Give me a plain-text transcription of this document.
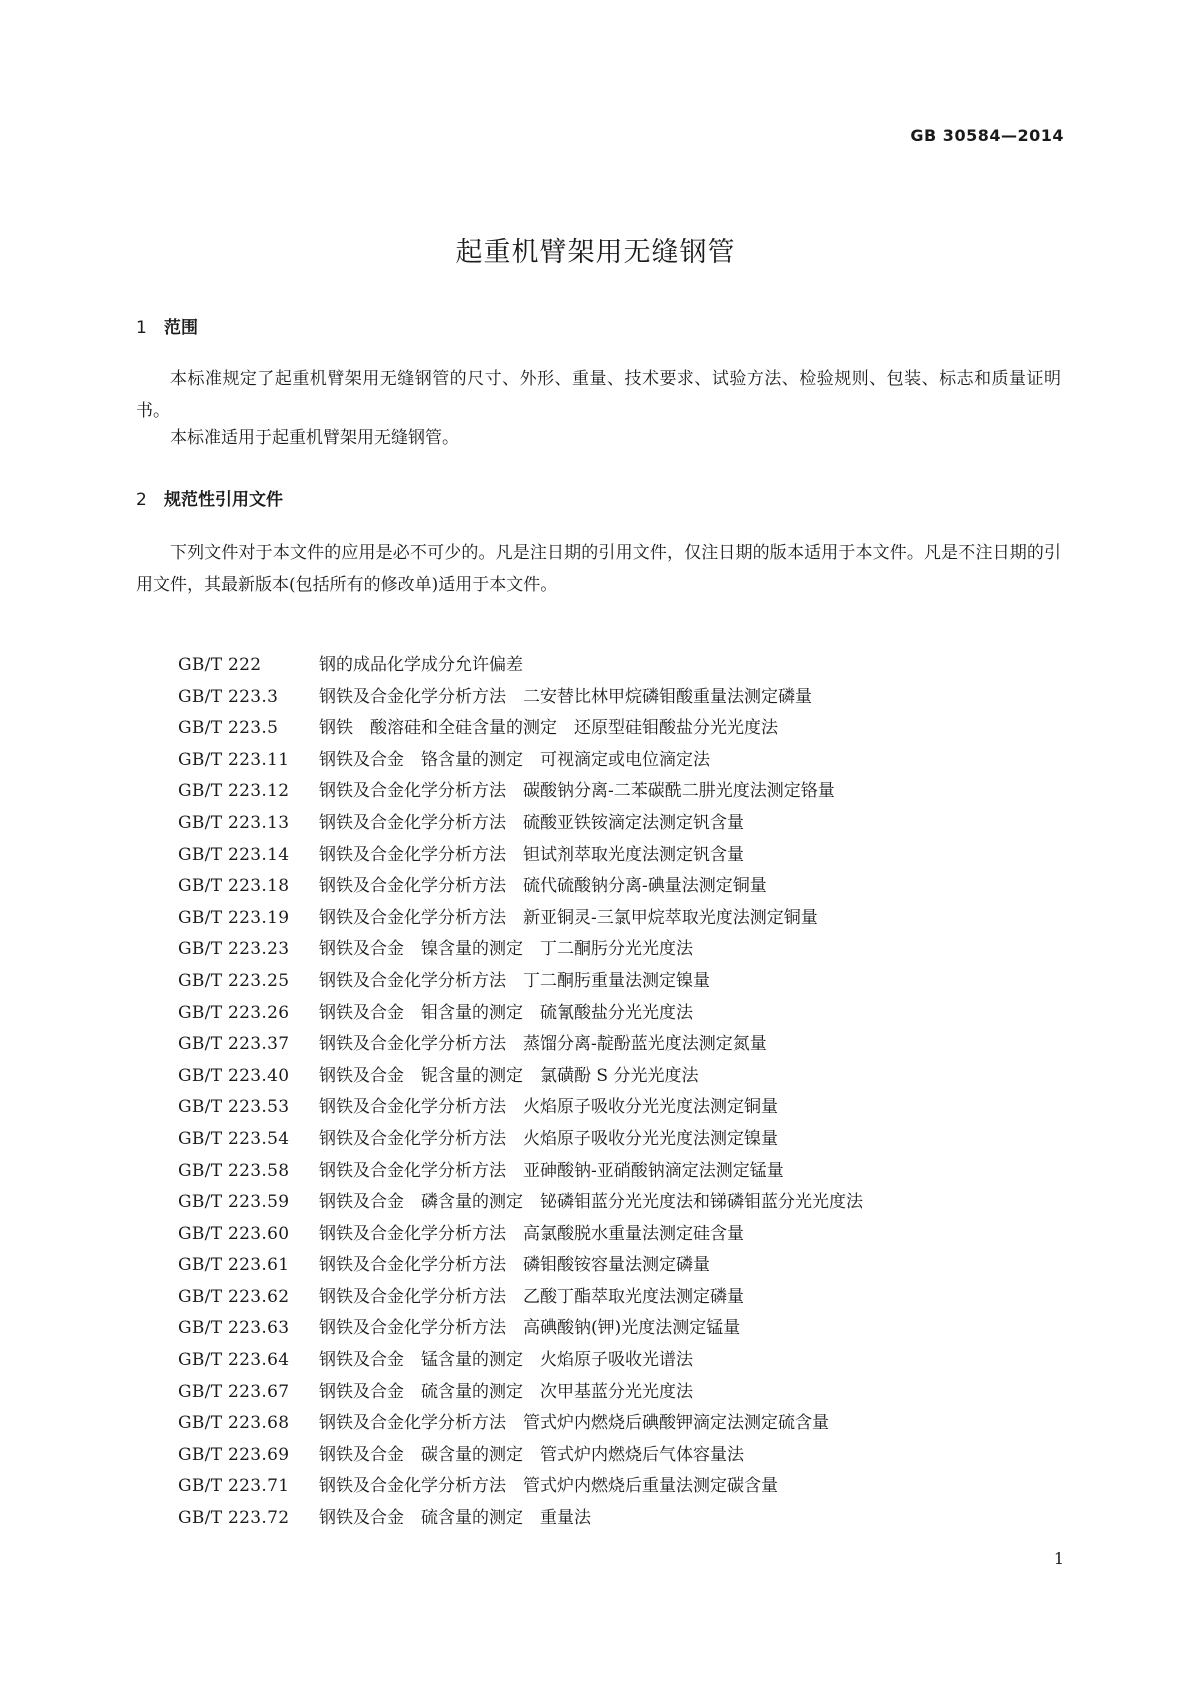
GB 30584—2014
起重机臂架用无缝钢管
1 范围

本标准规定了起重机臂架用无缝钢管的尺寸、外形、重量、技术要求、试验方法、检验规则、包装、标志和质量证明书。

本标准适用于起重机臂架用无缝钢管。

2 规范性引用文件

下列文件对于本文件的应用是必不可少的。凡是注日期的引用文件，仅注日期的版本适用于本文件。凡是不注日期的引用文件，其最新版本(包括所有的修改单)适用于本文件。

GB/T 222	钢的成品化学成分允许偏差
GB/T 223.3 钢铁及合金化学分析方法　二安替比林甲烷磷钼酸重量法测定磷量
GB/T 223.5 钢铁　酸溶硅和全硅含量的测定　还原型硅钼酸盐分光光度法
GB/T 223.11 钢铁及合金　铬含量的测定　可视滴定或电位滴定法
GB/T 223.12 钢铁及合金化学分析方法　碳酸钠分离-二苯碳酰二肼光度法测定铬量
GB/T 223.13 钢铁及合金化学分析方法　硫酸亚铁铵滴定法测定钒含量
GB/T 223.14 钢铁及合金化学分析方法　钽试剂萃取光度法测定钒含量
GB/T 223.18 钢铁及合金化学分析方法　硫代硫酸钠分离-碘量法测定铜量
GB/T 223.19 钢铁及合金化学分析方法　新亚铜灵-三氯甲烷萃取光度法测定铜量
GB/T 223.23 钢铁及合金　镍含量的测定　丁二酮肟分光光度法
GB/T 223.25 钢铁及合金化学分析方法　丁二酮肟重量法测定镍量
GB/T 223.26 钢铁及合金　钼含量的测定　硫氰酸盐分光光度法
GB/T 223.37 钢铁及合金化学分析方法　蒸馏分离-靛酚蓝光度法测定氮量
GB/T 223.40 钢铁及合金　铌含量的测定　氯磺酚 S 分光光度法
GB/T 223.53 钢铁及合金化学分析方法　火焰原子吸收分光光度法测定铜量
GB/T 223.54 钢铁及合金化学分析方法　火焰原子吸收分光光度法测定镍量
GB/T 223.58 钢铁及合金化学分析方法　亚砷酸钠-亚硝酸钠滴定法测定锰量
GB/T 223.59 钢铁及合金　磷含量的测定　铋磷钼蓝分光光度法和锑磷钼蓝分光光度法
GB/T 223.60 钢铁及合金化学分析方法　高氯酸脱水重量法测定硅含量
GB/T 223.61 钢铁及合金化学分析方法　磷钼酸铵容量法测定磷量
GB/T 223.62 钢铁及合金化学分析方法　乙酸丁酯萃取光度法测定磷量
GB/T 223.63 钢铁及合金化学分析方法　高碘酸钠(钾)光度法测定锰量
GB/T 223.64 钢铁及合金　锰含量的测定　火焰原子吸收光谱法
GB/T 223.67 钢铁及合金　硫含量的测定　次甲基蓝分光光度法
GB/T 223.68 钢铁及合金化学分析方法　管式炉内燃烧后碘酸钾滴定法测定硫含量
GB/T 223.69 钢铁及合金　碳含量的测定　管式炉内燃烧后气体容量法
GB/T 223.71 钢铁及合金化学分析方法　管式炉内燃烧后重量法测定碳含量
GB/T 223.72 钢铁及合金　硫含量的测定　重量法
1
